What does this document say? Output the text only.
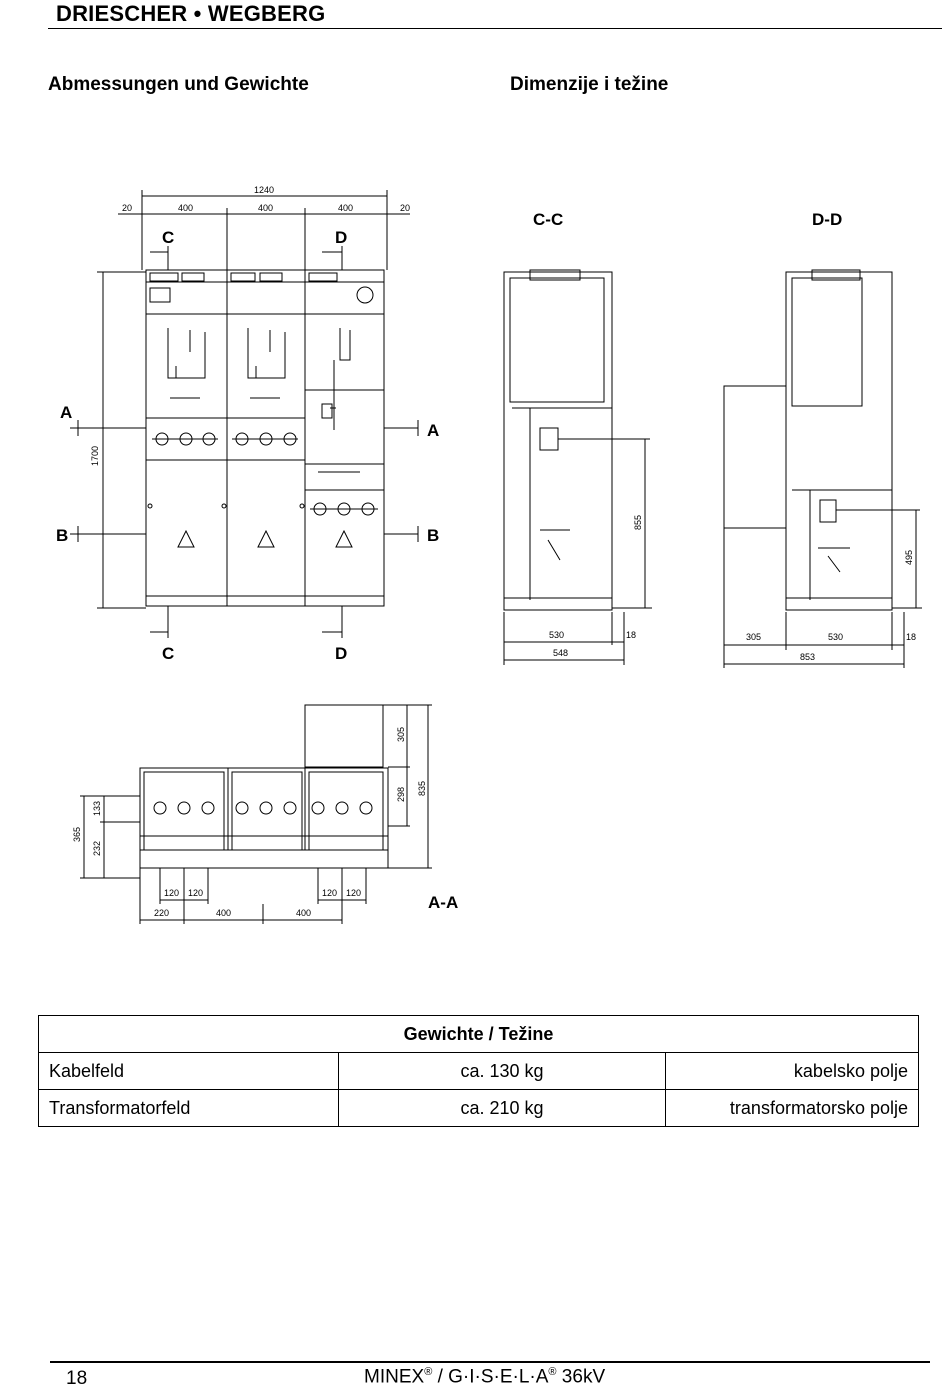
DRIESCHER • WEGBERG
Abmessungen und Gewichte	Dimenzije i težine
1240
20	400	400	400	20
1700
A
A
B	B
C
C
D
D
C-C
855
530	18
548
D-D
495
305	530	18
853
A-A
305
298 835
133
365
232
120 120	120 120
220	400	400
Gewichte / Težine		
Kabelfeld	ca. 130 kg	kabelsko polje
Transformatorfeld	ca. 210 kg	transformatorsko polje
18	MINEX® / G·I·S·E·L·A® 36kV
